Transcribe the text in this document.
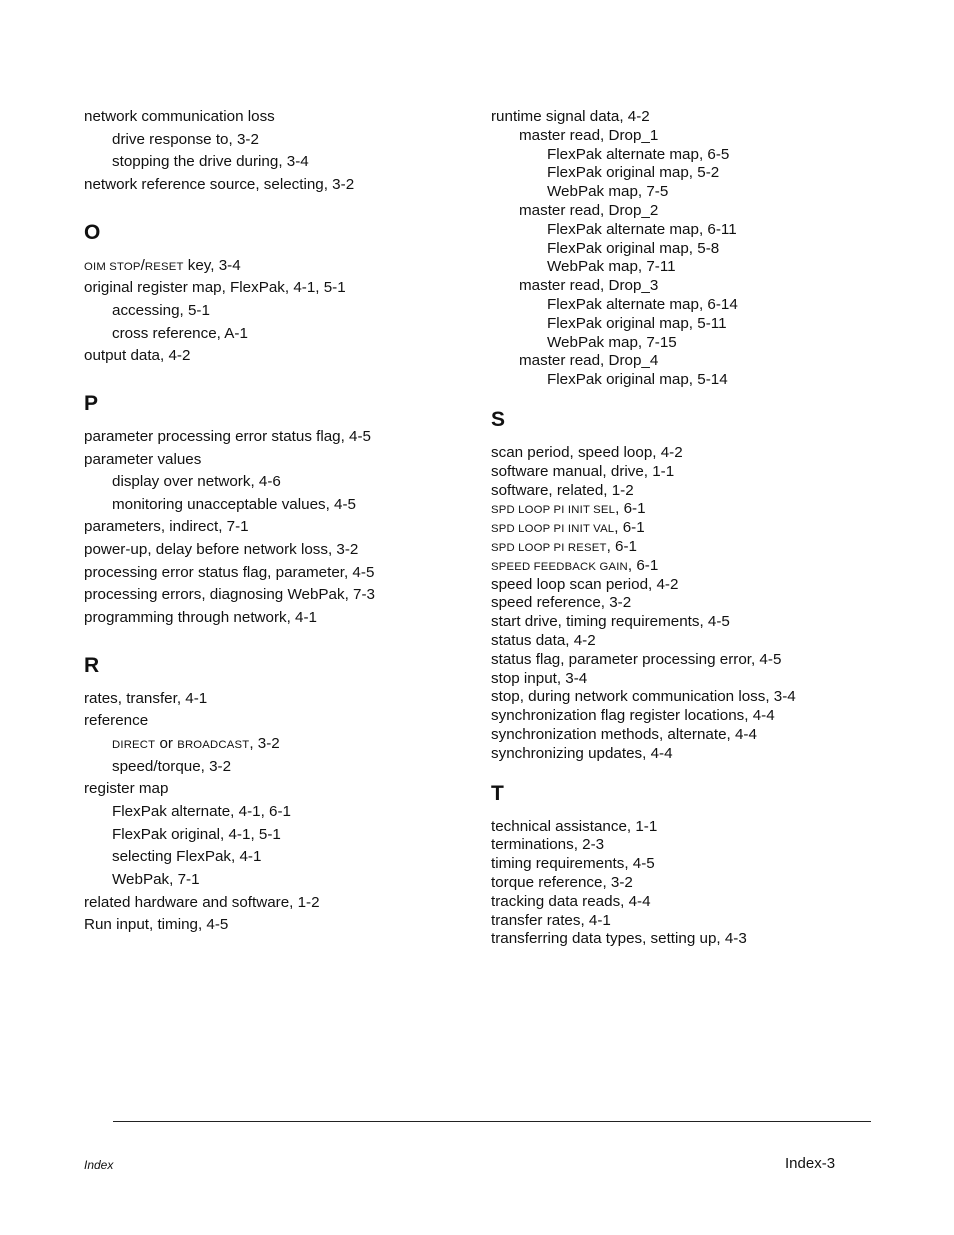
network communication loss
drive response to, 3-2
stopping the drive during, 3-4
network reference source, selecting, 3-2
O
OIM STOP/RESET key, 3-4
original register map, FlexPak, 4-1, 5-1
accessing, 5-1
cross reference, A-1
output data, 4-2
P
parameter processing error status flag, 4-5
parameter values
display over network, 4-6
monitoring unacceptable values, 4-5
parameters, indirect, 7-1
power-up, delay before network loss, 3-2
processing error status flag, parameter, 4-5
processing errors, diagnosing WebPak, 7-3
programming through network, 4-1
R
rates, transfer, 4-1
reference
DIRECT or BROADCAST, 3-2
speed/torque, 3-2
register map
FlexPak alternate, 4-1, 6-1
FlexPak original, 4-1, 5-1
selecting FlexPak, 4-1
WebPak, 7-1
related hardware and software, 1-2
Run input, timing, 4-5
runtime signal data, 4-2
master read, Drop_1
FlexPak alternate map, 6-5
FlexPak original map, 5-2
WebPak map, 7-5
master read, Drop_2
FlexPak alternate map, 6-11
FlexPak original map, 5-8
WebPak map, 7-11
master read, Drop_3
FlexPak alternate map, 6-14
FlexPak original map, 5-11
WebPak map, 7-15
master read, Drop_4
FlexPak original map, 5-14
S
scan period, speed loop, 4-2
software manual, drive, 1-1
software, related, 1-2
SPD LOOP PI INIT SEL, 6-1
SPD LOOP PI INIT VAL, 6-1
SPD LOOP PI RESET, 6-1
SPEED FEEDBACK GAIN, 6-1
speed loop scan period, 4-2
speed reference, 3-2
start drive, timing requirements, 4-5
status data, 4-2
status flag, parameter processing error, 4-5
stop input, 3-4
stop, during network communication loss, 3-4
synchronization flag register locations, 4-4
synchronization methods, alternate, 4-4
synchronizing updates, 4-4
T
technical assistance, 1-1
terminations, 2-3
timing requirements, 4-5
torque reference, 3-2
tracking data reads, 4-4
transfer rates, 4-1
transferring data types, setting up, 4-3
Index	Index-3
